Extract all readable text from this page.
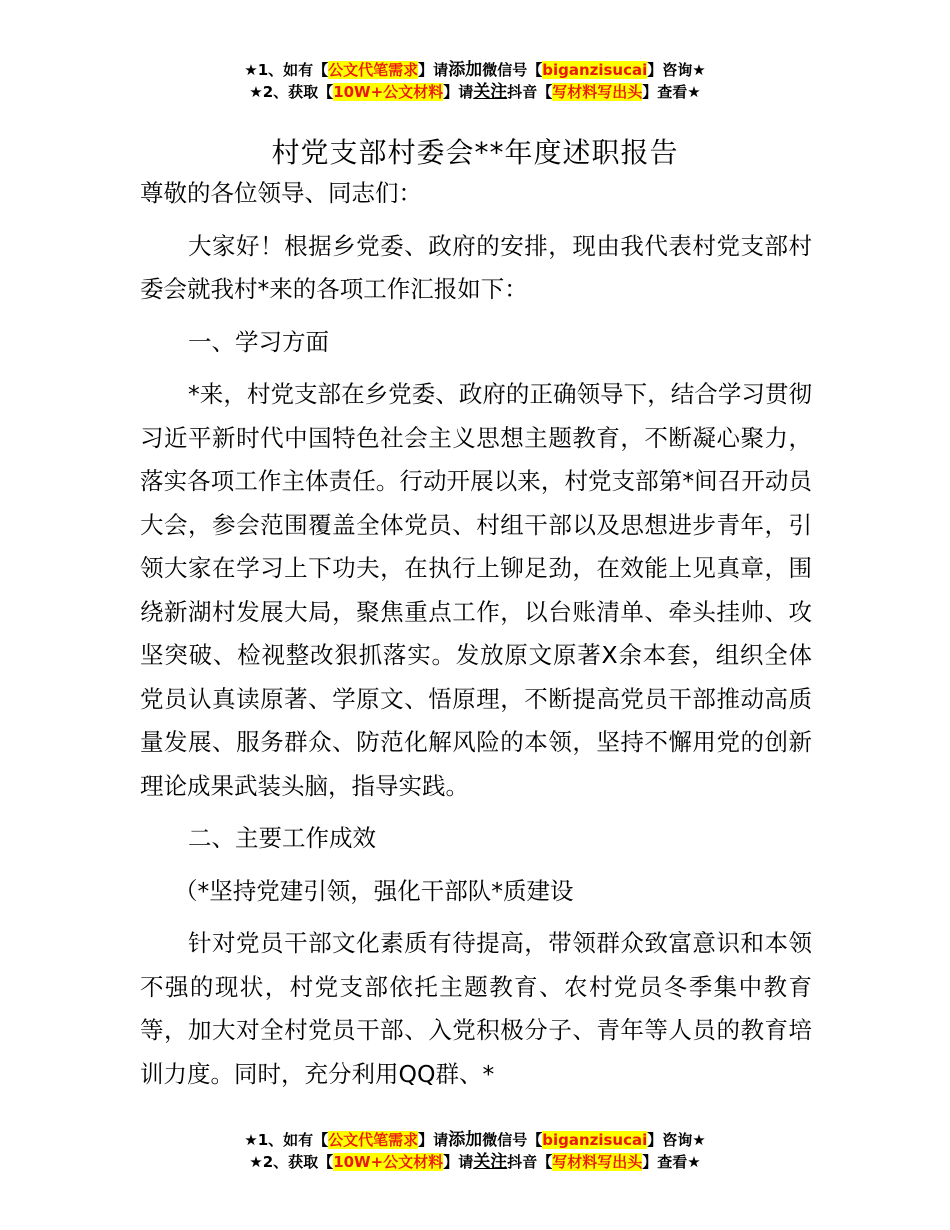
★1、如有【公文代笔需求】请添加微信号【biganzisucai】咨询★
★2、获取【10W+公文材料】请关注抖音【写材料写出头】查看★
村党支部村委会**年度述职报告

尊敬的各位领导、同志们：

大家好！根据乡党委、政府的安排，现由我代表村党支部村委会就我村*来的各项工作汇报如下：

一、学习方面

*来，村党支部在乡党委、政府的正确领导下，结合学习贯彻习近平新时代中国特色社会主义思想主题教育，不断凝心聚力，落实各项工作主体责任。行动开展以来，村党支部第*间召开动员大会，参会范围覆盖全体党员、村组干部以及思想进步青年，引领大家在学习上下功夫，在执行上铆足劲，在效能上见真章，围绕新湖村发展大局，聚焦重点工作，以台账清单、牵头挂帅、攻坚突破、检视整改狠抓落实。发放原文原著X余本套，组织全体党员认真读原著、学原文、悟原理，不断提高党员干部推动高质量发展、服务群众、防范化解风险的本领，坚持不懈用党的创新理论成果武装头脑，指导实践。

二、主要工作成效

（*坚持党建引领，强化干部队*质建设

针对党员干部文化素质有待提高，带领群众致富意识和本领不强的现状，村党支部依托主题教育、农村党员冬季集中教育等，加大对全村党员干部、入党积极分子、青年等人员的教育培训力度。同时，充分利用QQ群、*

★1、如有【公文代笔需求】请添加微信号【biganzisucai】咨询★
★2、获取【10W+公文材料】请关注抖音【写材料写出头】查看★
